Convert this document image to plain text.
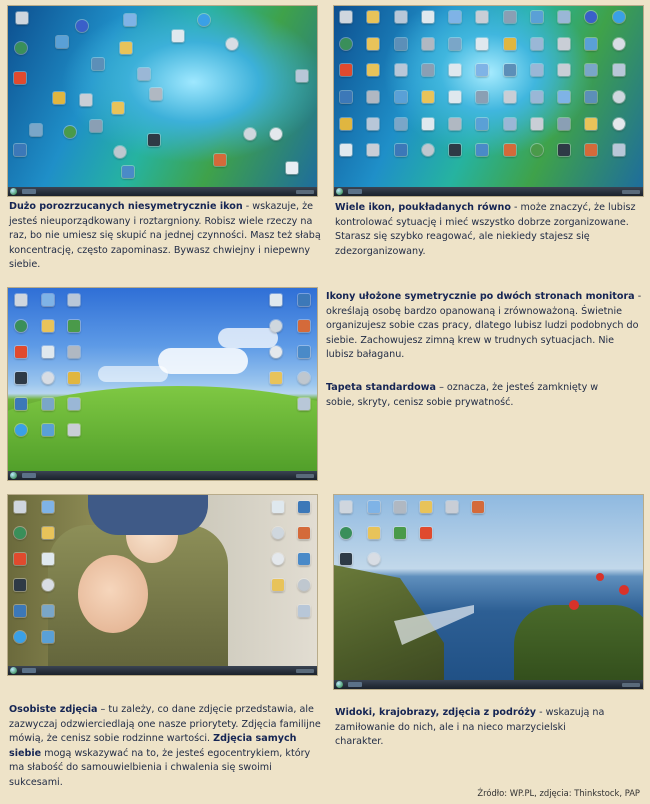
Dużo porozrzucanych niesymetrycznie ikon - wskazuje, że jesteś nieuporządkowany i roztargniony. Robisz wiele rzeczy na raz, bo nie umiesz się skupić na jednej czynności. Masz też słabą koncentrację, często zapominasz. Bywasz chwiejny i niepewny siebie.

Wiele ikon, poukładanych równo - może znaczyć, że lubisz kontrolować sytuację i mieć wszystko dobrze zorganizowane. Starasz się szybko reagować, ale niekiedy stajesz się zdezorganizowany.

Ikony ułożone symetrycznie po dwóch stronach monitora - określają osobę bardzo opanowaną i zrównoważoną. Świetnie organizujesz sobie czas pracy, dlatego lubisz ludzi podobnych do siebie. Zachowujesz zimną krew w trudnych sytuacjach. Nie lubisz bałaganu.

Tapeta standardowa – oznacza, że jesteś zamknięty w sobie, skryty, cenisz sobie prywatność.

Osobiste zdjęcia – tu zależy, co dane zdjęcie przedstawia, ale zazwyczaj odzwierciedlają one nasze priorytety. Zdjęcia familijne mówią, że cenisz sobie rodzinne wartości. Zdjęcia samych siebie mogą wskazywać na to, że jesteś egocentrykiem, który ma słabość do samouwielbienia i chwalenia się swoimi sukcesami.

Widoki, krajobrazy, zdjęcia z podróży - wskazują na zamiłowanie do nich, ale i na nieco marzycielski charakter.

Źródło: WP.PL, zdjęcia: Thinkstock, PAP
